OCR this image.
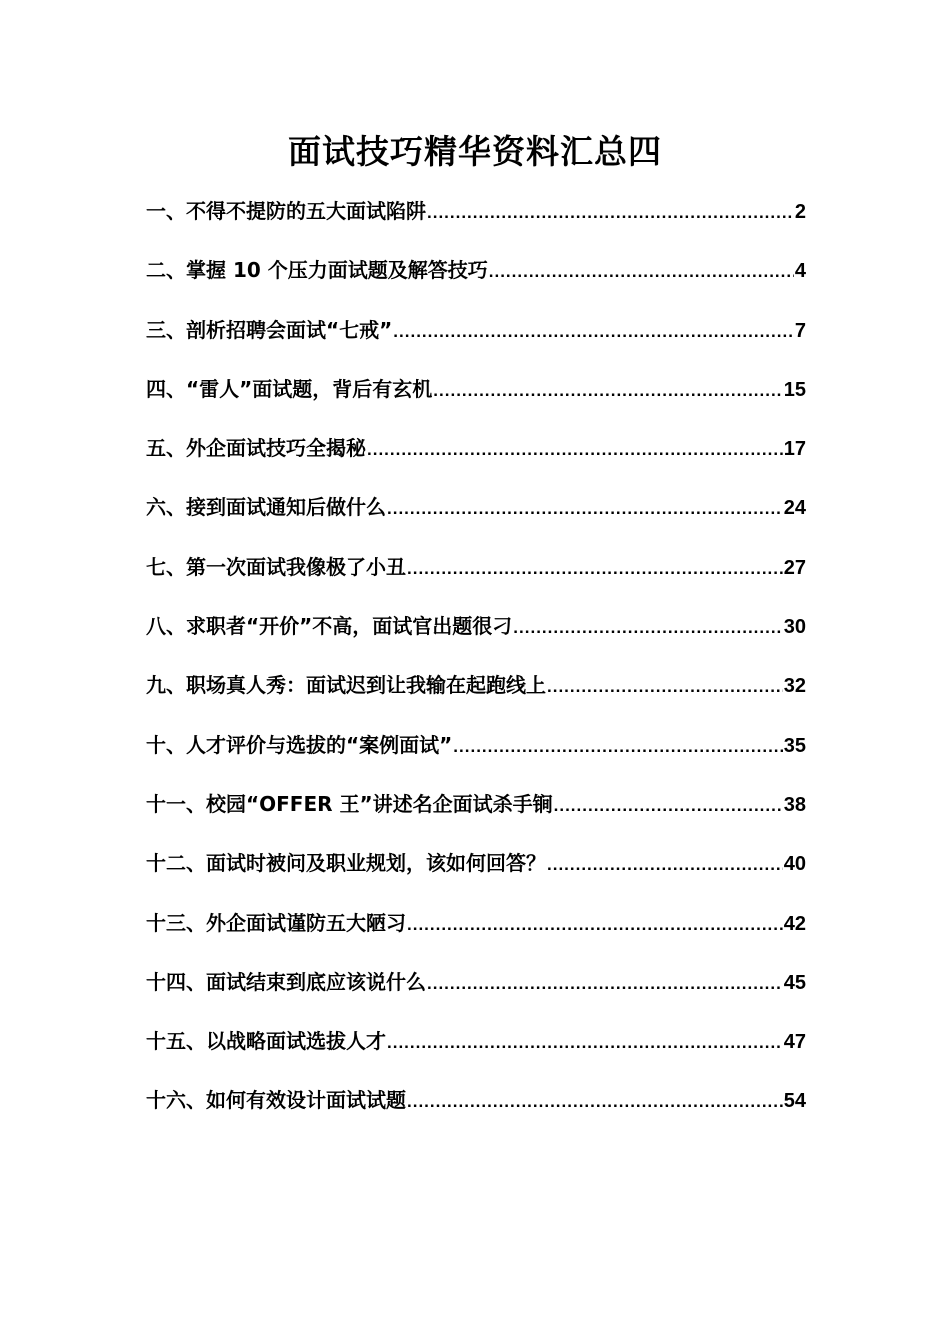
面试技巧精华资料汇总四
一、不得不提防的五大面试陷阱 .....	2
二、掌握 10 个压力面试题及解答技巧 .....	4
三、剖析招聘会面试“七戒” .....	7
四、“雷人”面试题，背后有玄机 .....	15
五、外企面试技巧全揭秘 .....	17
六、接到面试通知后做什么 .....	24
七、第一次面试我像极了小丑 .....	27
八、求职者“开价”不高，面试官出题很刁 .....	30
九、职场真人秀：面试迟到让我输在起跑线上 .....	32
十、人才评价与选拔的“案例面试” .....	35
十一、校园“OFFER 王”讲述名企面试杀手锏 .....	38
十二、面试时被问及职业规划，该如何回答？ .....	40
十三、外企面试谨防五大陋习 .....	42
十四、面试结束到底应该说什么 .....	45
十五、以战略面试选拔人才 .....	47
十六、如何有效设计面试试题 .....	54
